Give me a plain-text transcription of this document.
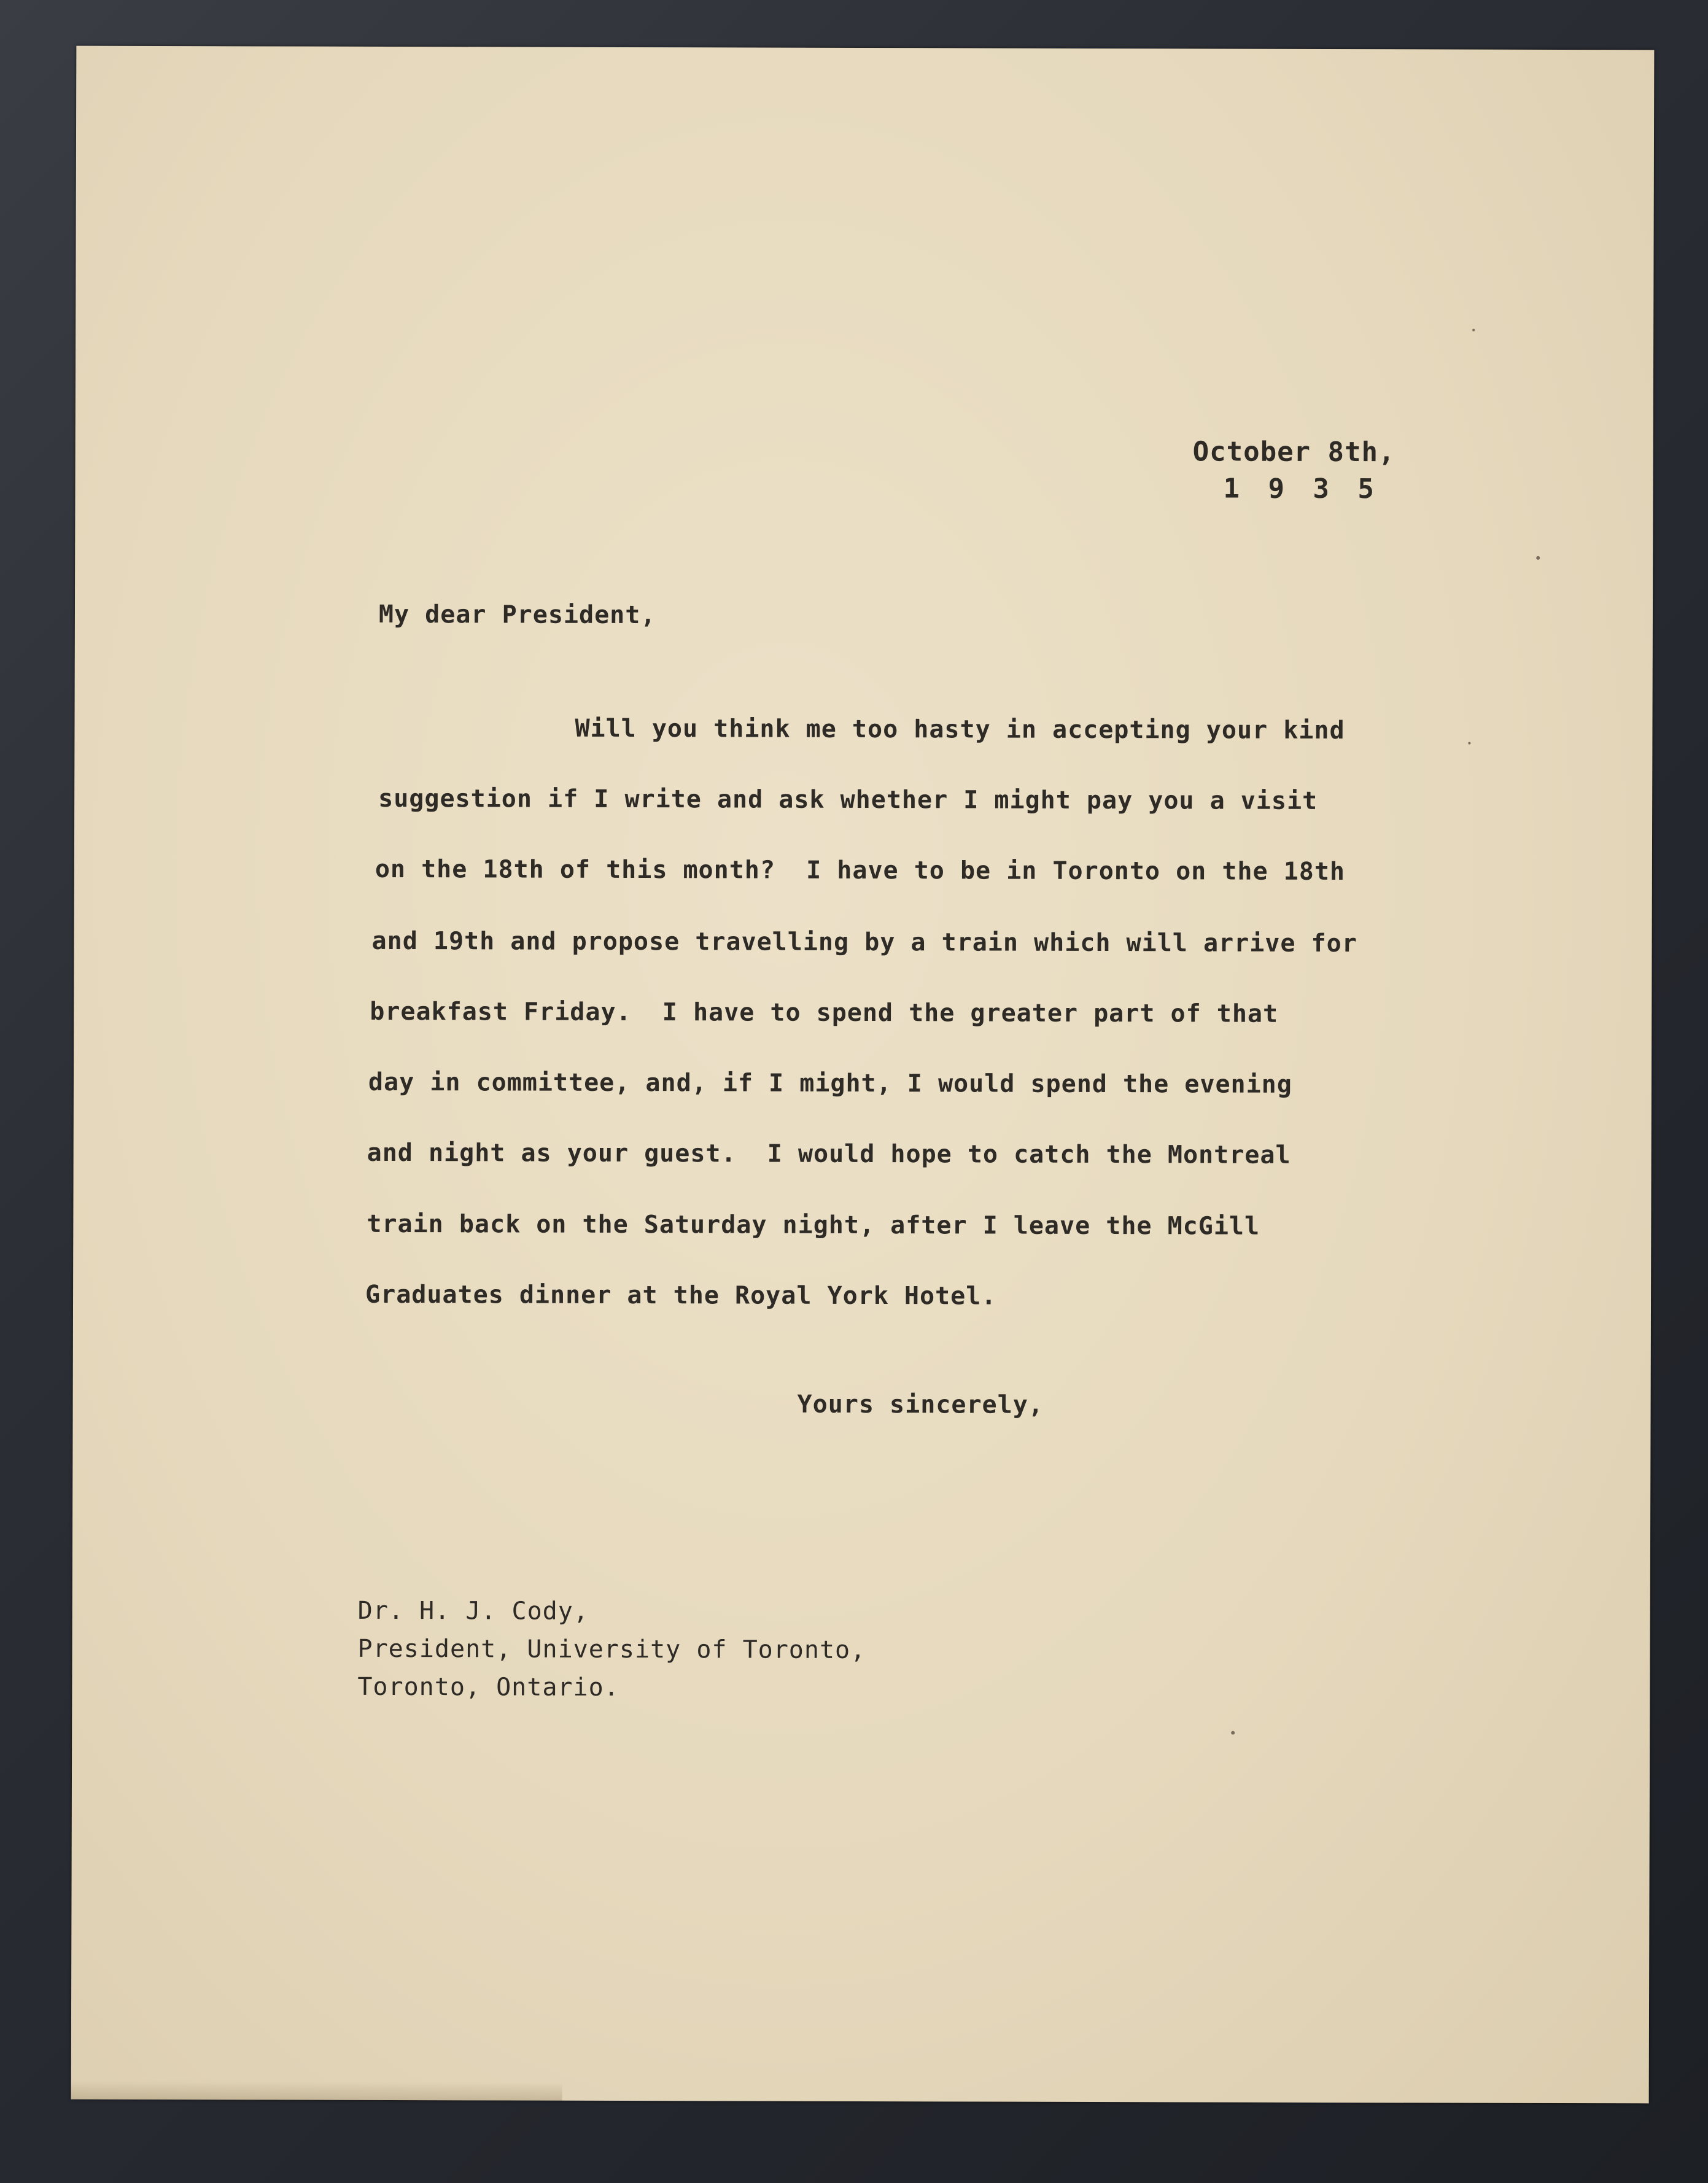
October 8th,
1 9 3 5
My dear President,
Will you think me too hasty in accepting your kind
suggestion if I write and ask whether I might pay you a visit
on the 18th of this month?  I have to be in Toronto on the 18th
and 19th and propose travelling by a train which will arrive for
breakfast Friday.  I have to spend the greater part of that
day in committee, and, if I might, I would spend the evening
and night as your guest.  I would hope to catch the Montreal
train back on the Saturday night, after I leave the McGill
Graduates dinner at the Royal York Hotel.
Yours sincerely,
Dr. H. J. Cody,
President, University of Toronto,
Toronto, Ontario.
